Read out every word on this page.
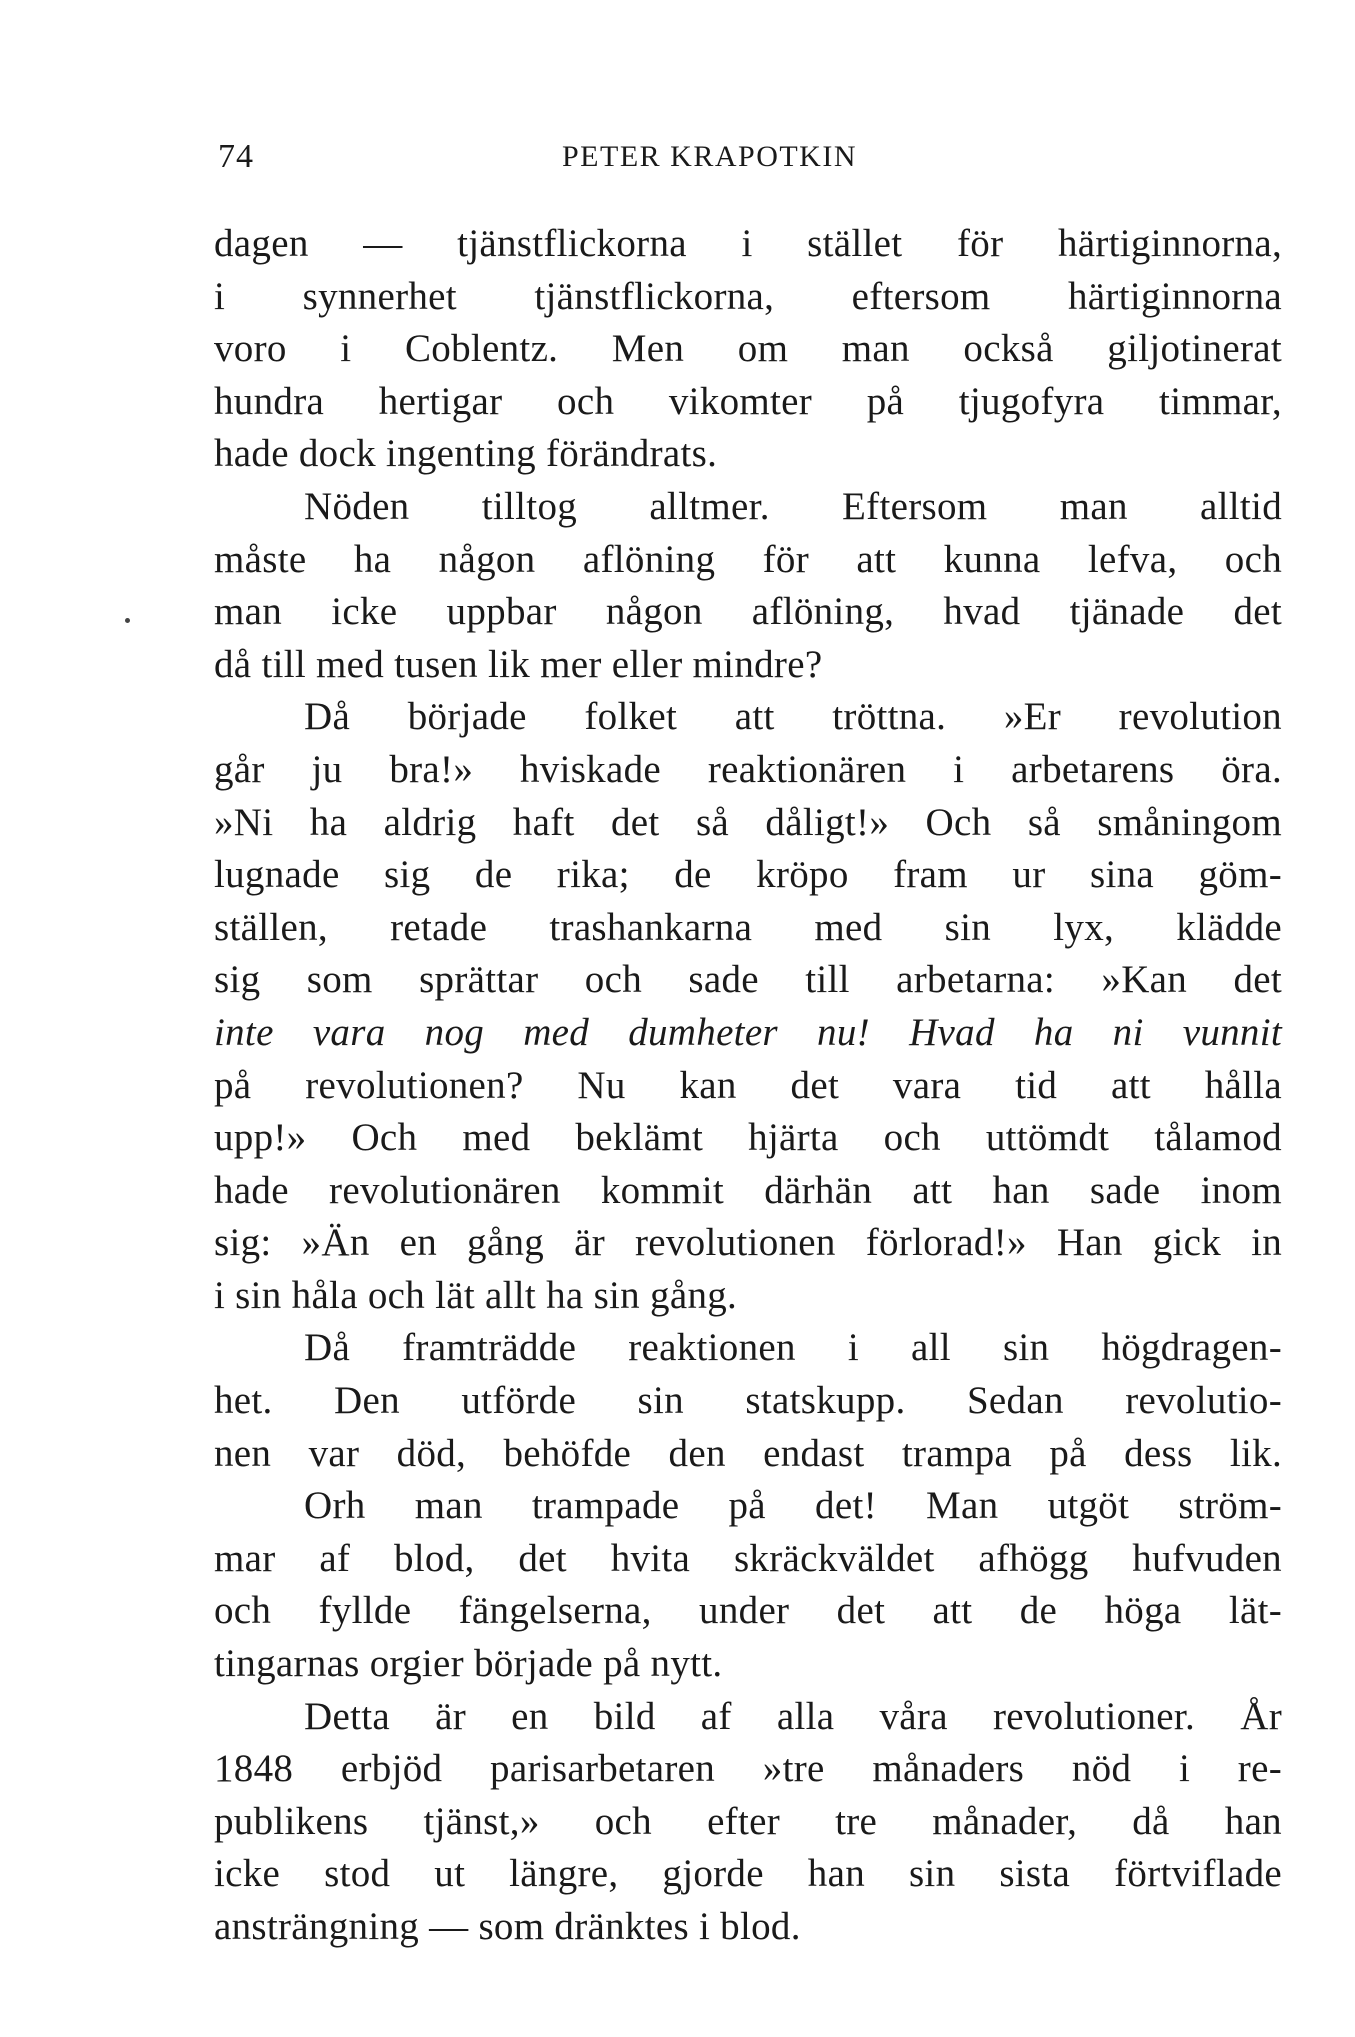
74	PETER KRAPOTKIN
dagen — tjänstflickorna i stället för härtiginnorna,
i synnerhet tjänstflickorna, eftersom härtiginnorna
voro i Coblentz. Men om man också giljotinerat
hundra hertigar och vikomter på tjugofyra timmar,
hade dock ingenting förändrats.
Nöden tilltog alltmer. Eftersom man alltid
måste ha någon aflöning för att kunna lefva, och
man icke uppbar någon aflöning, hvad tjänade det
då till med tusen lik mer eller mindre?
Då började folket att tröttna. »Er revolution
går ju bra!» hviskade reaktionären i arbetarens öra.
»Ni ha aldrig haft det så dåligt!» Och så småningom
lugnade sig de rika; de kröpo fram ur sina göm-
ställen, retade trashankarna med sin lyx, klädde
sig som sprättar och sade till arbetarna: »Kan det
inte vara nog med dumheter nu! Hvad ha ni vunnit
på revolutionen? Nu kan det vara tid att hålla
upp!» Och med beklämt hjärta och uttömdt tålamod
hade revolutionären kommit därhän att han sade inom
sig: »Än en gång är revolutionen förlorad!» Han gick in
i sin håla och lät allt ha sin gång.
Då framträdde reaktionen i all sin högdragen-
het. Den utförde sin statskupp. Sedan revolutio-
nen var död, behöfde den endast trampa på dess lik.
Orh man trampade på det! Man utgöt ström-
mar af blod, det hvita skräckväldet afhögg hufvuden
och fyllde fängelserna, under det att de höga lät-
tingarnas orgier började på nytt.
Detta är en bild af alla våra revolutioner. År
1848 erbjöd parisarbetaren »tre månaders nöd i re-
publikens tjänst,» och efter tre månader, då han
icke stod ut längre, gjorde han sin sista förtviflade
ansträngning — som dränktes i blod.
